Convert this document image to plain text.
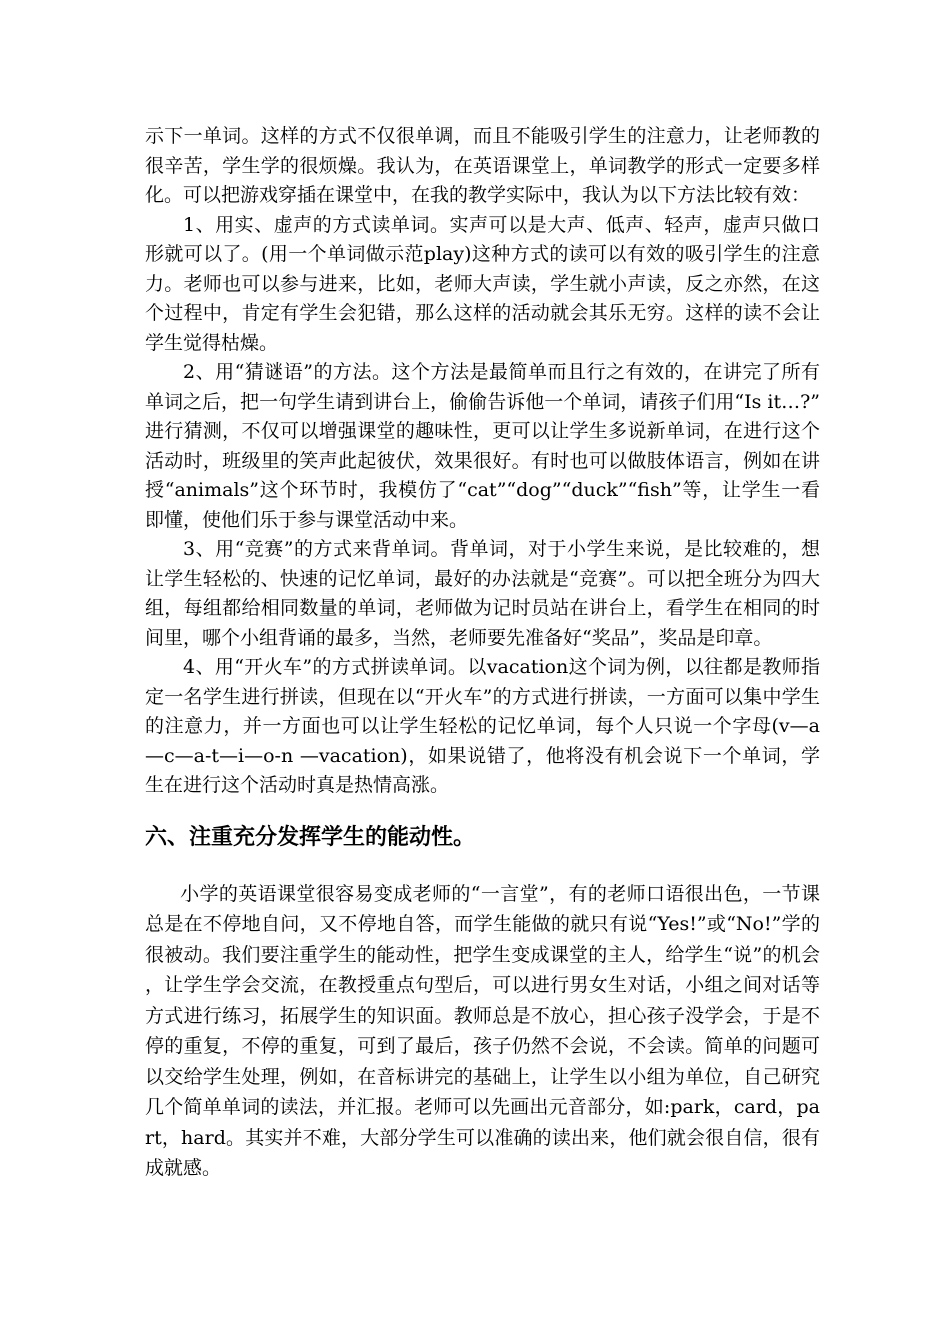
示下一单词。这样的方式不仅很单调，而且不能吸引学生的注意力，让老师教的很辛苦，学生学的很烦燥。我认为，在英语课堂上，单词教学的形式一定要多样化。可以把游戏穿插在课堂中，在我的教学实际中，我认为以下方法比较有效：

1、用实、虚声的方式读单词。实声可以是大声、低声、轻声，虚声只做口形就可以了。(用一个单词做示范play)这种方式的读可以有效的吸引学生的注意力。老师也可以参与进来，比如，老师大声读，学生就小声读，反之亦然，在这个过程中，肯定有学生会犯错，那么这样的活动就会其乐无穷。这样的读不会让学生觉得枯燥。

2、用“猜谜语”的方法。这个方法是最简单而且行之有效的，在讲完了所有单词之后，把一句学生请到讲台上，偷偷告诉他一个单词，请孩子们用“Is it…?”进行猜测，不仅可以增强课堂的趣味性，更可以让学生多说新单词，在进行这个活动时，班级里的笑声此起彼伏，效果很好。有时也可以做肢体语言，例如在讲授“animals”这个环节时，我模仿了“cat”“dog”“duck”“fish”等，让学生一看即懂，使他们乐于参与课堂活动中来。

3、用“竞赛”的方式来背单词。背单词，对于小学生来说，是比较难的，想让学生轻松的、快速的记忆单词，最好的办法就是“竞赛”。可以把全班分为四大组，每组都给相同数量的单词，老师做为记时员站在讲台上，看学生在相同的时间里，哪个小组背诵的最多，当然，老师要先准备好“奖品”，奖品是印章。

4、用“开火车”的方式拼读单词。以vacation这个词为例，以往都是教师指定一名学生进行拼读，但现在以“开火车”的方式进行拼读，一方面可以集中学生的注意力，并一方面也可以让学生轻松的记忆单词，每个人只说一个字母(v—a—c—a-t—i—o-n —vacation)，如果说错了，他将没有机会说下一个单词，学生在进行这个活动时真是热情高涨。

六、注重充分发挥学生的能动性。

小学的英语课堂很容易变成老师的“一言堂”，有的老师口语很出色，一节课总是在不停地自问，又不停地自答，而学生能做的就只有说“Yes!”或“No!”学的很被动。我们要注重学生的能动性，把学生变成课堂的主人，给学生“说”的机会，让学生学会交流，在教授重点句型后，可以进行男女生对话，小组之间对话等方式进行练习，拓展学生的知识面。教师总是不放心，担心孩子没学会，于是不停的重复，不停的重复，可到了最后，孩子仍然不会说，不会读。简单的问题可以交给学生处理，例如，在音标讲完的基础上，让学生以小组为单位，自己研究几个简单单词的读法，并汇报。老师可以先画出元音部分，如:park，card，part，hard。其实并不难，大部分学生可以准确的读出来，他们就会很自信，很有成就感。
